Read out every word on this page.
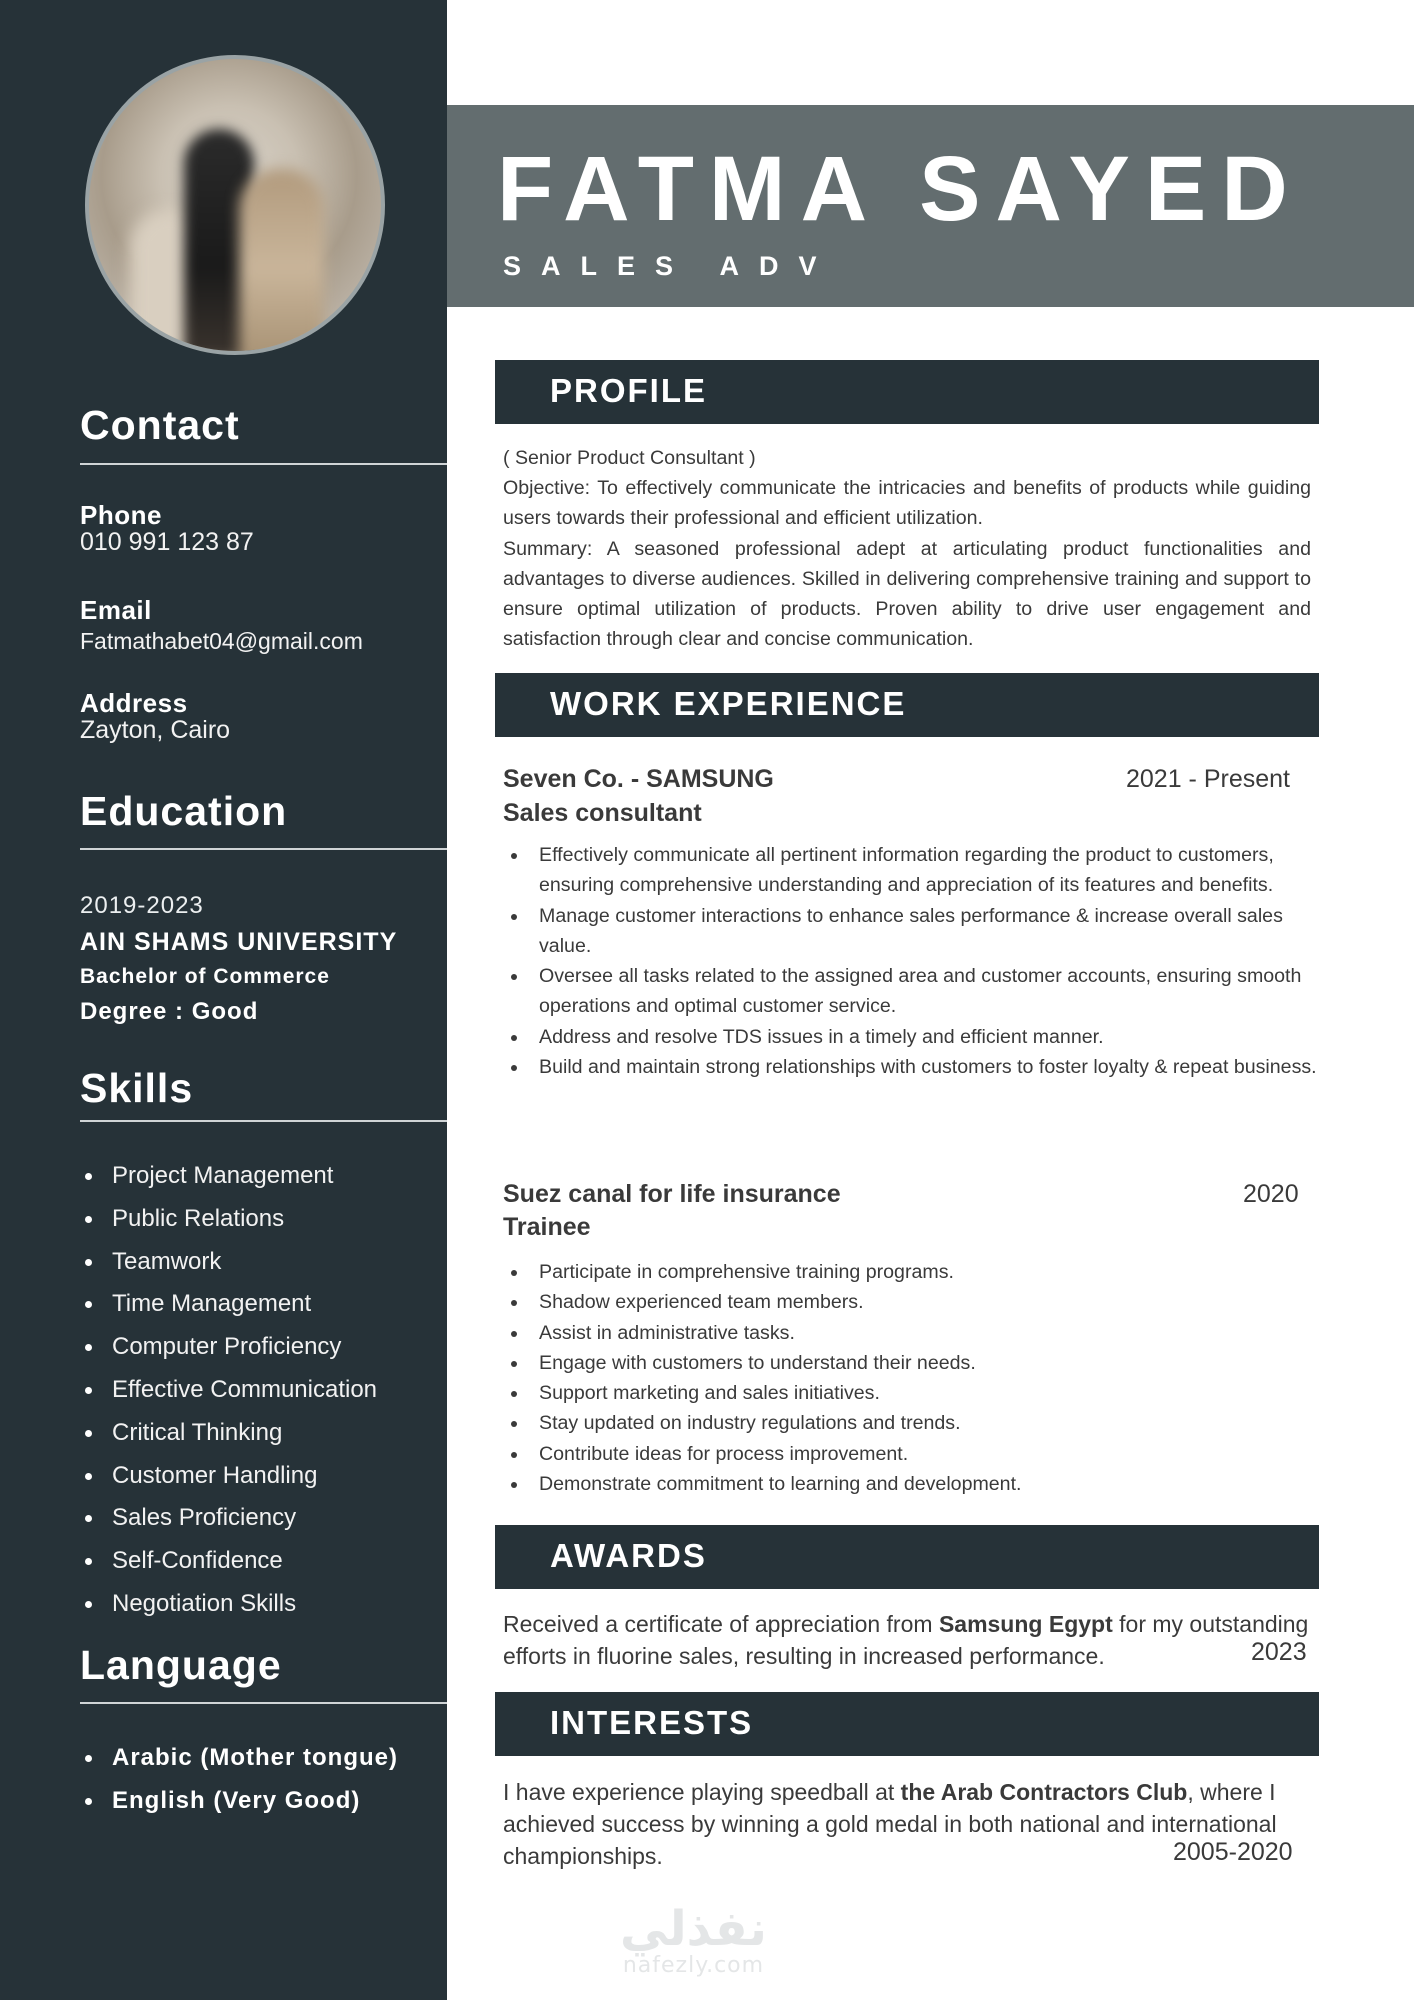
Contact
Phone
010 991 123 87
Email
Fatmathabet04@gmail.com
Address
Zayton, Cairo
Education
2019-2023
AIN SHAMS UNIVERSITY
Bachelor of Commerce
Degree : Good
Skills
Project Management
Public Relations
Teamwork
Time Management
Computer Proficiency
Effective Communication
Critical Thinking
Customer Handling
Sales Proficiency
Self-Confidence
Negotiation Skills
Language
Arabic (Mother tongue)
English (Very Good)
FATMA SAYED
SALES ADV
PROFILE
( Senior Product Consultant )
Objective: To effectively communicate the intricacies and benefits of products while guiding users towards their professional and efficient utilization.
Summary: A seasoned professional adept at articulating product functionalities and advantages to diverse audiences. Skilled in delivering comprehensive training and support to ensure optimal utilization of products. Proven ability to drive user engagement and satisfaction through clear and concise communication.
WORK EXPERIENCE
Seven Co. - SAMSUNG	2021 - Present
Sales consultant
Effectively communicate all pertinent information regarding the product to customers, ensuring comprehensive understanding and appreciation of its features and benefits.
Manage customer interactions to enhance sales performance & increase overall sales value.
Oversee all tasks related to the assigned area and customer accounts, ensuring smooth operations and optimal customer service.
Address and resolve TDS issues in a timely and efficient manner.
Build and maintain strong relationships with customers to foster loyalty & repeat business.
Suez canal for life insurance	2020
Trainee
Participate in comprehensive training programs.
Shadow experienced team members.
Assist in administrative tasks.
Engage with customers to understand their needs.
Support marketing and sales initiatives.
Stay updated on industry regulations and trends.
Contribute ideas for process improvement.
Demonstrate commitment to learning and development.
AWARDS
Received a certificate of appreciation from Samsung Egypt for my outstanding efforts in fluorine sales, resulting in increased performance.	2023
INTERESTS
I have experience playing speedball at the Arab Contractors Club, where I achieved success by winning a gold medal in both national and international championships.	2005-2020
نفذلي
nafezly.com
